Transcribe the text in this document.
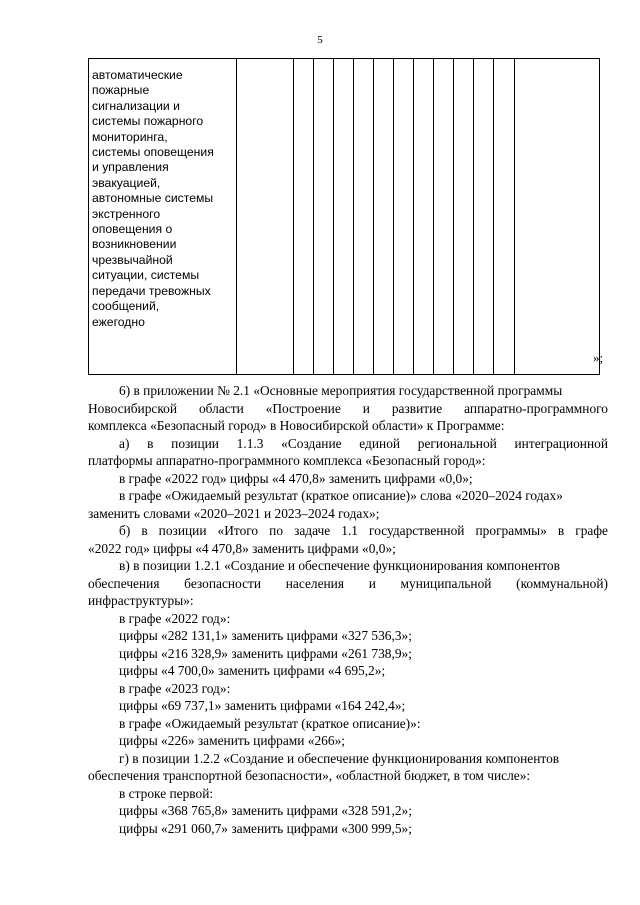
5
автоматические
пожарные
сигнализации и
системы пожарного
мониторинга,
системы оповещения
и управления
эвакуацией,
автономные системы
экстренного
оповещения о
возникновении
чрезвычайной
ситуации, системы
передачи тревожных
сообщений,
ежегодно

»;
6) в приложении № 2.1 «Основные мероприятия государственной программы
Новосибирской области «Построение и развитие аппаратно-программного
комплекса «Безопасный город» в Новосибирской области» к Программе:
а) в позиции 1.1.3 «Создание единой региональной интеграционной
платформы аппаратно-программного комплекса «Безопасный город»:
в графе «2022 год» цифры «4 470,8» заменить цифрами «0,0»;
в графе «Ожидаемый результат (краткое описание)» слова «2020–2024 годах»
заменить словами «2020–2021 и 2023–2024 годах»;
б) в позиции «Итого по задаче 1.1 государственной программы» в графе
«2022 год» цифры «4 470,8» заменить цифрами «0,0»;
в) в позиции 1.2.1 «Создание и обеспечение функционирования компонентов
обеспечения безопасности населения и муниципальной (коммунальной)
инфраструктуры»:
в графе «2022 год»:
цифры «282 131,1» заменить цифрами «327 536,3»;
цифры «216 328,9» заменить цифрами «261 738,9»;
цифры «4 700,0» заменить цифрами «4 695,2»;
в графе «2023 год»:
цифры «69 737,1» заменить цифрами «164 242,4»;
в графе «Ожидаемый результат (краткое описание)»:
цифры «226» заменить цифрами «266»;
г) в позиции 1.2.2 «Создание и обеспечение функционирования компонентов
обеспечения транспортной безопасности», «областной бюджет, в том числе»:
в строке первой:
цифры «368 765,8» заменить цифрами «328 591,2»;
цифры «291 060,7» заменить цифрами «300 999,5»;
